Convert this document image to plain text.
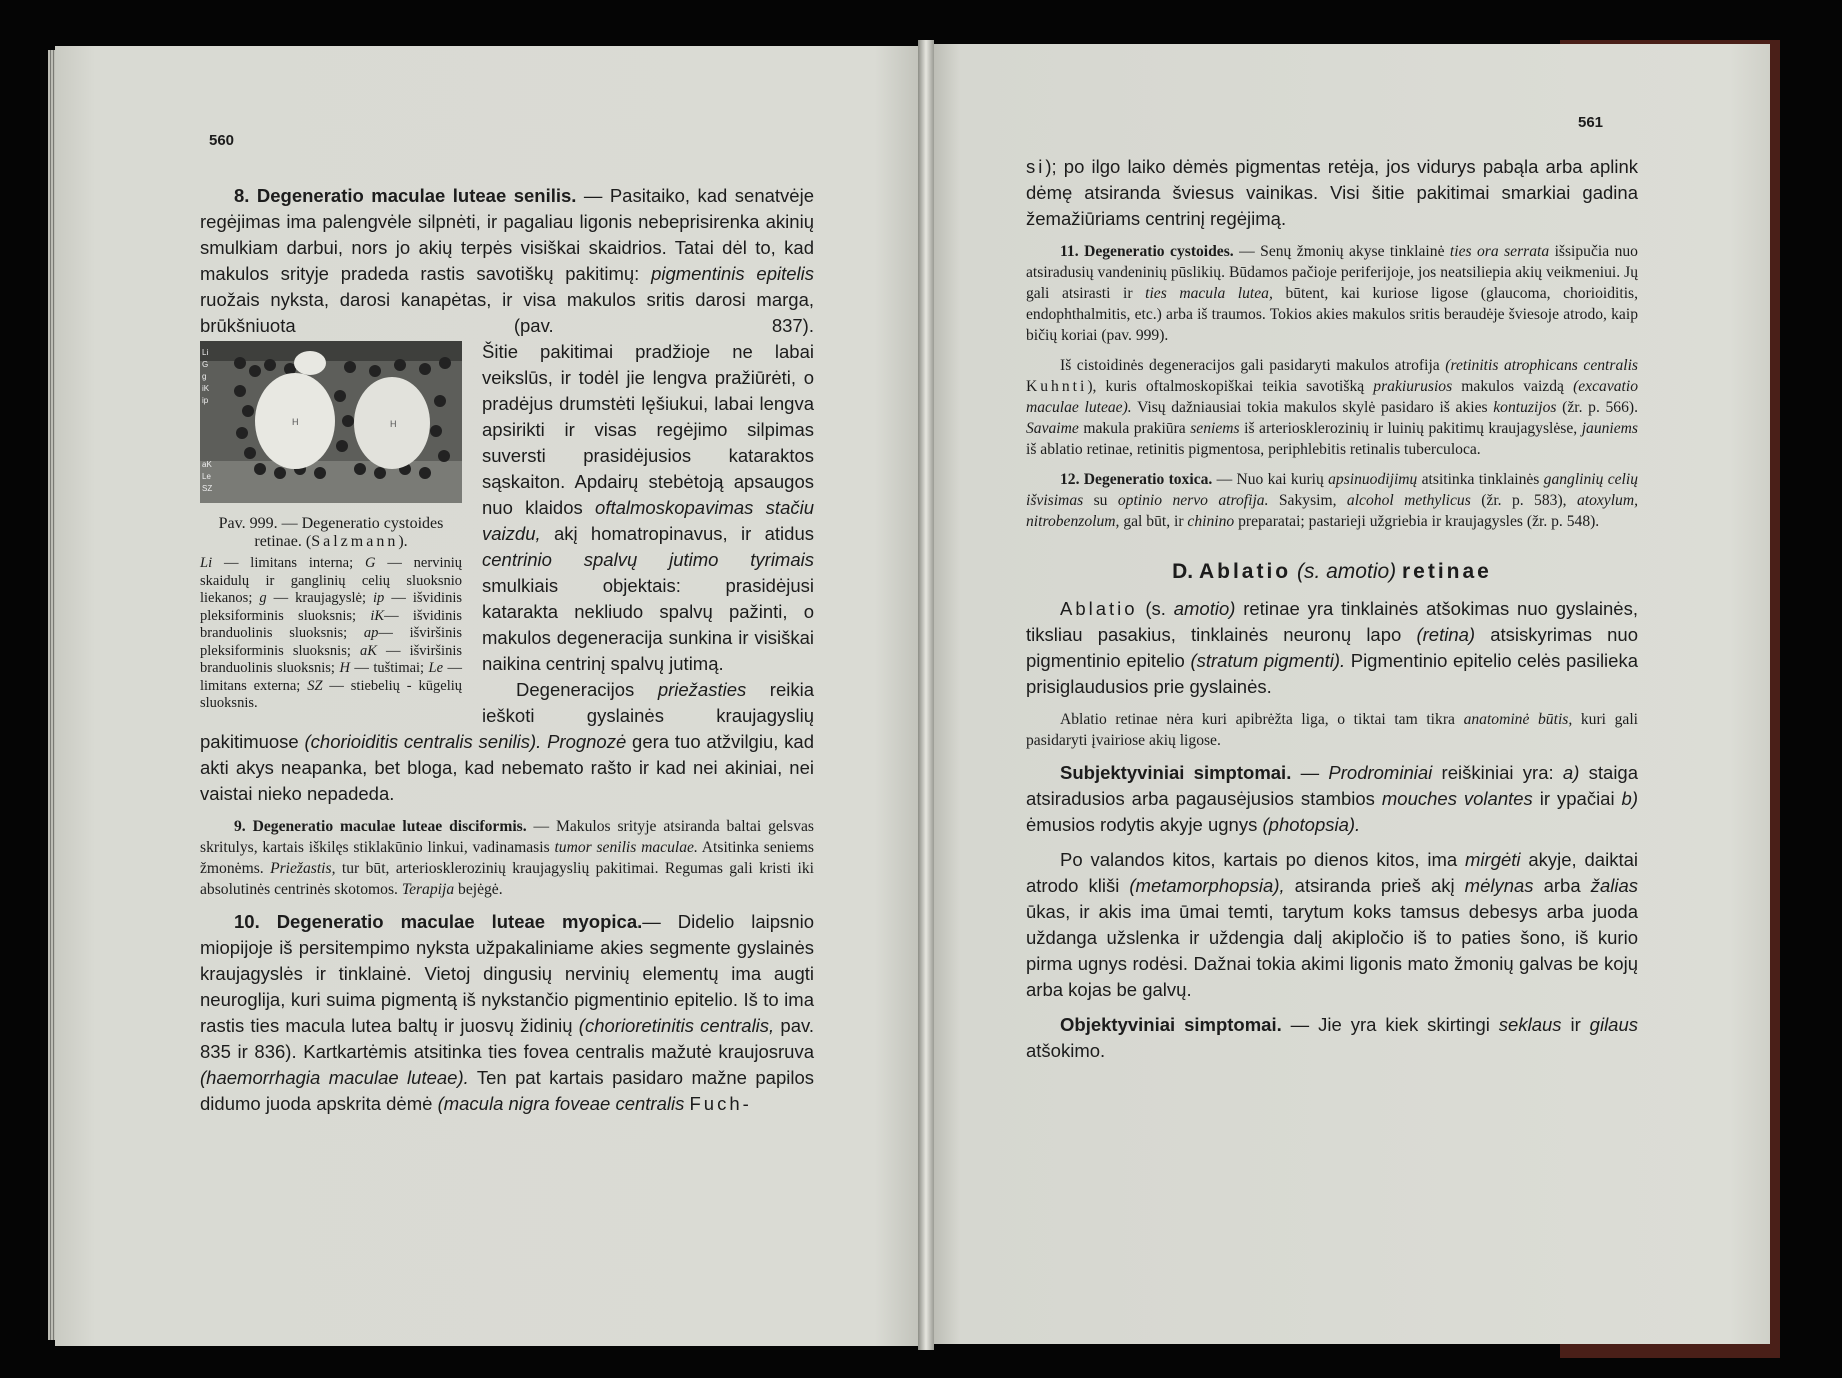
560
561

8. Degeneratio maculae luteae senilis. — Pasitaiko, kad senatvėje regėjimas ima palengvėle silpnėti, ir pagaliau ligonis nebeprisirenka akinių smulkiam darbui, nors jo akių terpės visiškai skaidrios. Tatai dėl to, kad makulos srityje pradeda rastis savotiškų pakitimų: pigmentinis epitelis ruožais nyksta, darosi kanapėtas, ir visa makulos sritis darosi marga, brūkšniuota (pav. 837).

Li
G
g
iK
ip
aK
Le
SZ
H	H
Pav. 999. — Degeneratio cystoides retinae. (Salzmann).
Li — limitans interna; G — nervinių skaidulų ir ganglinių celių sluoksnio liekanos; g — kraujagyslė; ip — išvidinis pleksiforminis sluoksnis; iK— išvidinis branduolinis sluoksnis; ap— išviršinis pleksiforminis sluoksnis; aK — išviršinis branduolinis sluoksnis; H — tuštimai; Le — limitans externa; SZ — stiebelių - kūgelių sluoksnis.

Šitie pakitimai pradžioje ne labai veikslūs, ir todėl jie lengva pražiūrėti, o pradėjus drumstėti lęšiukui, labai lengva apsirikti ir visas regėjimo silpimas suversti prasidėjusios kataraktos sąskaiton. Apdairų stebėtoją apsaugos nuo klaidos oftalmoskopavimas stačiu vaizdu, akį homatropinavus, ir atidus centrinio spalvų jutimo tyrimais smulkiais objektais: prasidėjusi katarakta nekliudo spalvų pažinti, o makulos degeneracija sunkina ir visiškai naikina centrinį spalvų jutimą.

Degeneracijos priežasties reikia ieškoti gyslainės kraujagyslių pakitimuose (chorioiditis centralis senilis). Prognozė gera tuo atžvilgiu, kad akti akys neapanka, bet bloga, kad nebemato rašto ir kad nei akiniai, nei vaistai nieko nepadeda.

9. Degeneratio maculae luteae disciformis. — Makulos srityje atsiranda baltai gelsvas skritulys, kartais iškilęs stiklakūnio linkui, vadinamasis tumor senilis maculae. Atsitinka seniems žmonėms. Priežastis, tur būt, arteriosklerozinių kraujagyslių pakitimai. Regumas gali kristi iki absolutinės centrinės skotomos. Terapija bejėgė.

10. Degeneratio maculae luteae myopica.— Didelio laipsnio miopijoje iš persitempimo nyksta užpakaliniame akies segmente gyslainės kraujagyslės ir tinklainė. Vietoj dingusių nervinių elementų ima augti neuroglija, kuri suima pigmentą iš nykstančio pigmentinio epitelio. Iš to ima rastis ties macula lutea baltų ir juosvų židinių (chorioretinitis centralis, pav. 835 ir 836). Kartkartėmis atsitinka ties fovea centralis mažutė kraujosruva (haemorrhagia maculae luteae). Ten pat kartais pasidaro mažne papilos didumo juoda apskrita dėmė (macula nigra foveae centralis Fuch-

si); po ilgo laiko dėmės pigmentas retėja, jos vidurys pabąla arba aplink dėmę atsiranda šviesus vainikas. Visi šitie pakitimai smarkiai gadina žemažiūriams centrinį regėjimą.

11. Degeneratio cystoides. — Senų žmonių akyse tinklainė ties ora serrata išsipučia nuo atsiradusių vandeninių pūslikių. Būdamos pačioje periferijoje, jos neatsiliepia akių veikmeniui. Jų gali atsirasti ir ties macula lutea, būtent, kai kuriose ligose (glaucoma, chorioiditis, endophthalmitis, etc.) arba iš traumos. Tokios akies makulos sritis beraudėje šviesoje atrodo, kaip bičių koriai (pav. 999).

Iš cistoidinės degeneracijos gali pasidaryti makulos atrofija (retinitis atrophicans centralis Kuhnti), kuris oftalmoskopiškai teikia savotišką prakiurusios makulos vaizdą (excavatio maculae luteae). Visų dažniausiai tokia makulos skylė pasidaro iš akies kontuzijos (žr. p. 566). Savaime makula prakiūra seniems iš arteriosklerozinių ir luinių pakitimų kraujagyslėse, jauniems iš ablatio retinae, retinitis pigmentosa, periphlebitis retinalis tuberculoca.

12. Degeneratio toxica. — Nuo kai kurių apsinuodijimų atsitinka tinklainės ganglinių celių išvisimas su optinio nervo atrofija. Sakysim, alcohol methylicus (žr. p. 583), atoxylum, nitrobenzolum, gal būt, ir chinino preparatai; pastarieji užgriebia ir kraujagysles (žr. p. 548).

D. Ablatio (s. amotio) retinae

Ablatio (s. amotio) retinae yra tinklainės atšokimas nuo gyslainės, tiksliau pasakius, tinklainės neuronų lapo (retina) atsiskyrimas nuo pigmentinio epitelio (stratum pigmenti). Pigmentinio epitelio celės pasilieka prisiglaudusios prie gyslainės.

Ablatio retinae nėra kuri apibrėžta liga, o tiktai tam tikra anatominė būtis, kuri gali pasidaryti įvairiose akių ligose.

Subjektyviniai simptomai. — Prodrominiai reiškiniai yra: a) staiga atsiradusios arba pagausėjusios stambios mouches volantes ir ypačiai b) ėmusios rodytis akyje ugnys (photopsia).

Po valandos kitos, kartais po dienos kitos, ima mirgėti akyje, daiktai atrodo kliši (metamorphopsia), atsiranda prieš akį mėlynas arba žalias ūkas, ir akis ima ūmai temti, tarytum koks tamsus debesys arba juoda uždanga užslenka ir uždengia dalį akipločio iš to paties šono, iš kurio pirma ugnys rodėsi. Dažnai tokia akimi ligonis mato žmonių galvas be kojų arba kojas be galvų.

Objektyviniai simptomai. — Jie yra kiek skirtingi seklaus ir gilaus atšokimo.
